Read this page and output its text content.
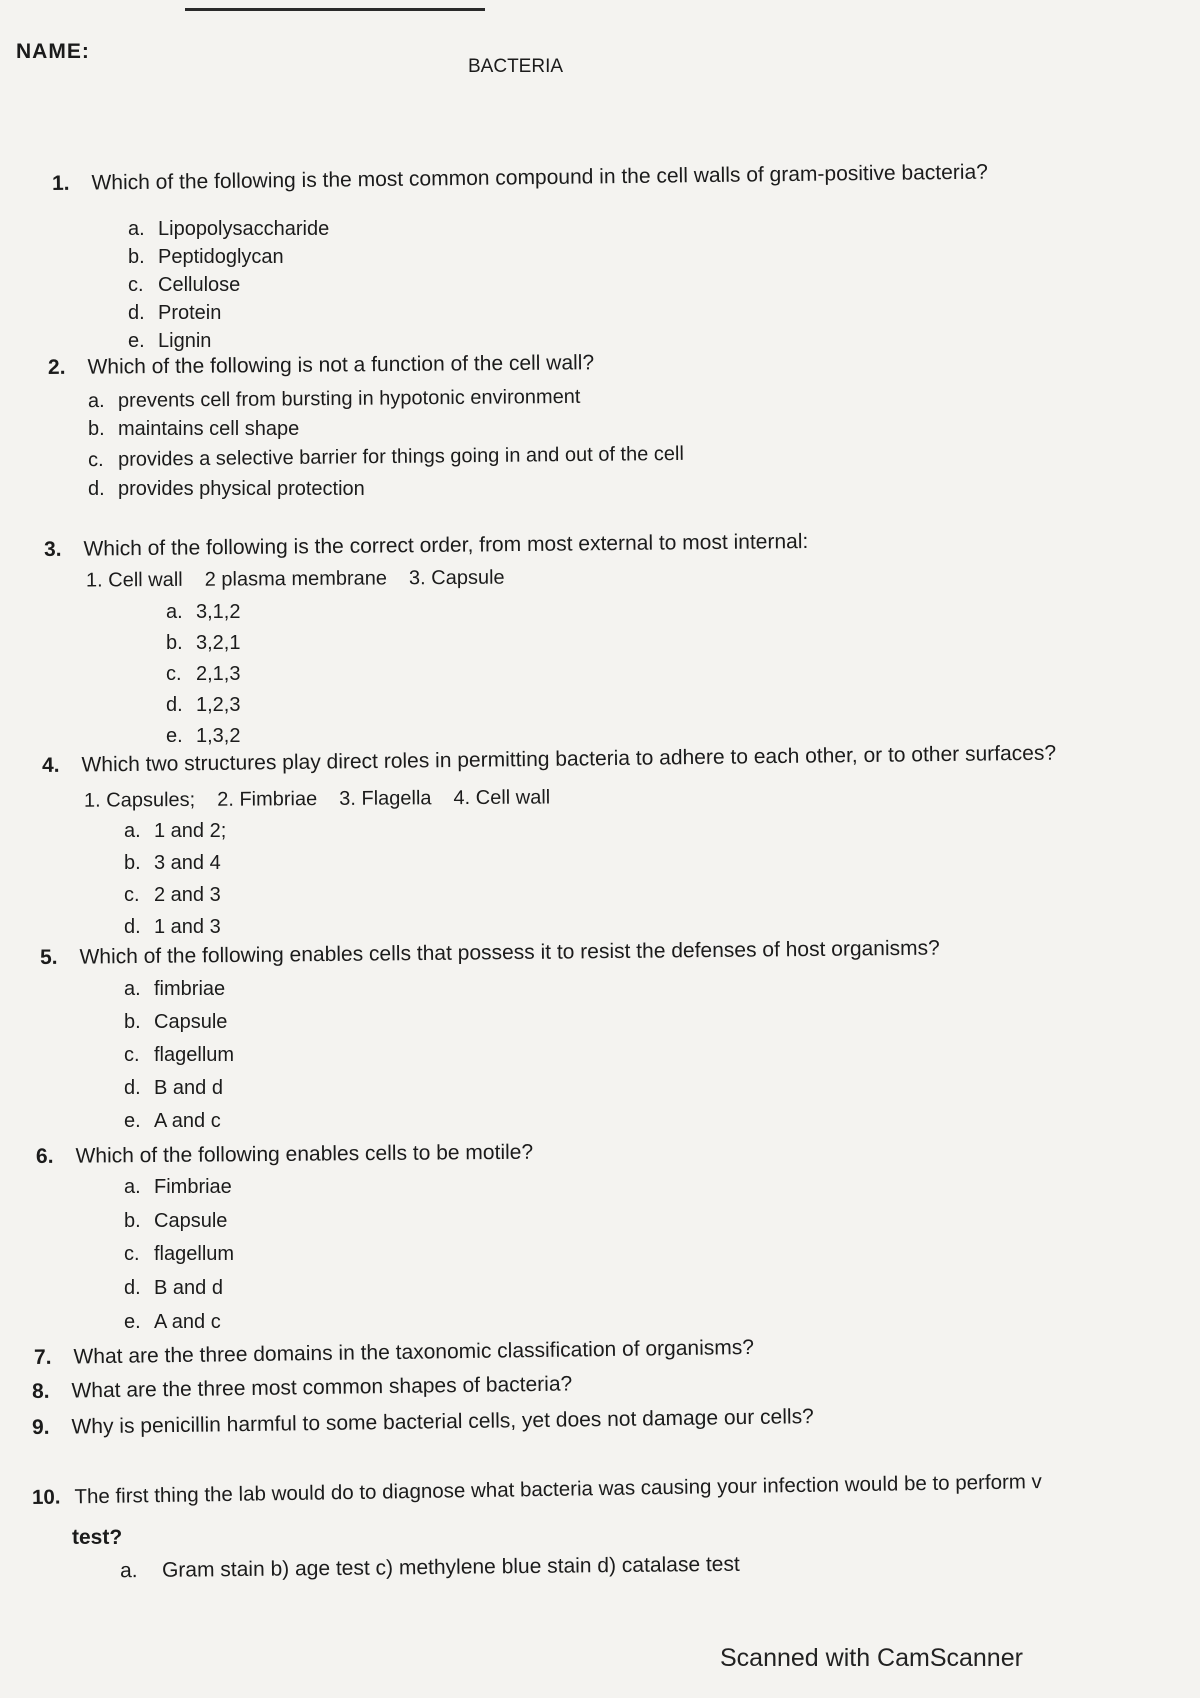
NAME:
BACTERIA
1. Which of the following is the most common compound in the cell walls of gram-positive bacteria?
a. Lipopolysaccharide
b. Peptidoglycan
c. Cellulose
d. Protein
e. Lignin
2. Which of the following is not a function of the cell wall?
a. prevents cell from bursting in hypotonic environment
b. maintains cell shape
c. provides a selective barrier for things going in and out of the cell
d. provides physical protection
3. Which of the following is the correct order, from most external to most internal:
1. Cell wall 2 plasma membrane 3. Capsule
a. 3,1,2
b. 3,2,1
c. 2,1,3
d. 1,2,3
e. 1,3,2
4. Which two structures play direct roles in permitting bacteria to adhere to each other, or to other surfaces?
1. Capsules; 2. Fimbriae 3. Flagella 4. Cell wall
a. 1 and 2;
b. 3 and 4
c. 2 and 3
d. 1 and 3
5. Which of the following enables cells that possess it to resist the defenses of host organisms?
a. fimbriae
b. Capsule
c. flagellum
d. B and d
e. A and c
6. Which of the following enables cells to be motile?
a. Fimbriae
b. Capsule
c. flagellum
d. B and d
e. A and c
7. What are the three domains in the taxonomic classification of organisms?
8. What are the three most common shapes of bacteria?
9. Why is penicillin harmful to some bacterial cells, yet does not damage our cells?
10. The first thing the lab would do to diagnose what bacteria was causing your infection would be to perform v
test?
a. Gram stain b) age test c) methylene blue stain d) catalase test
Scanned with CamScanner
